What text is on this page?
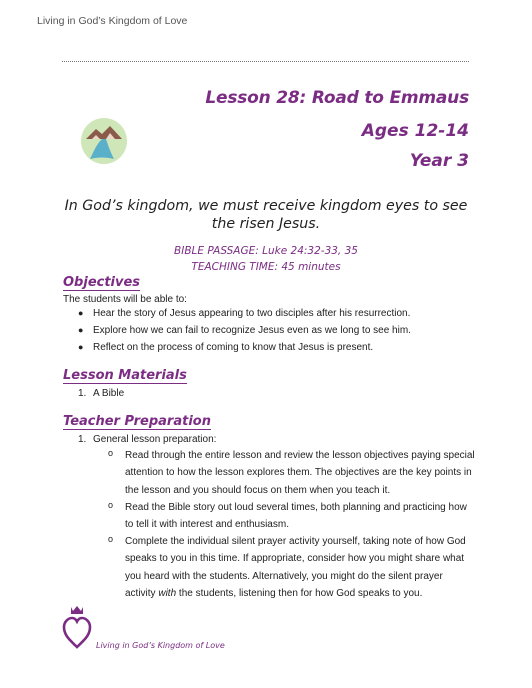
Living in God’s Kingdom of Love
Lesson 28: Road to Emmaus
Ages 12-14
Year 3
In God’s kingdom, we must receive kingdom eyes to see the risen Jesus.
BIBLE PASSAGE: Luke 24:32-33, 35
TEACHING TIME: 45 minutes
Objectives
The students will be able to:
● Hear the story of Jesus appearing to two disciples after his resurrection.
● Explore how we can fail to recognize Jesus even as we long to see him.
● Reflect on the process of coming to know that Jesus is present.
Lesson Materials
1. A Bible
Teacher Preparation
1. General lesson preparation:
o Read through the entire lesson and review the lesson objectives paying special attention to how the lesson explores them. The objectives are the key points in the lesson and you should focus on them when you teach it.
o Read the Bible story out loud several times, both planning and practicing how to tell it with interest and enthusiasm.
o Complete the individual silent prayer activity yourself, taking note of how God speaks to you in this time. If appropriate, consider how you might share what you heard with the students. Alternatively, you might do the silent prayer activity with the students, listening then for how God speaks to you.
Living in God’s Kingdom of Love
